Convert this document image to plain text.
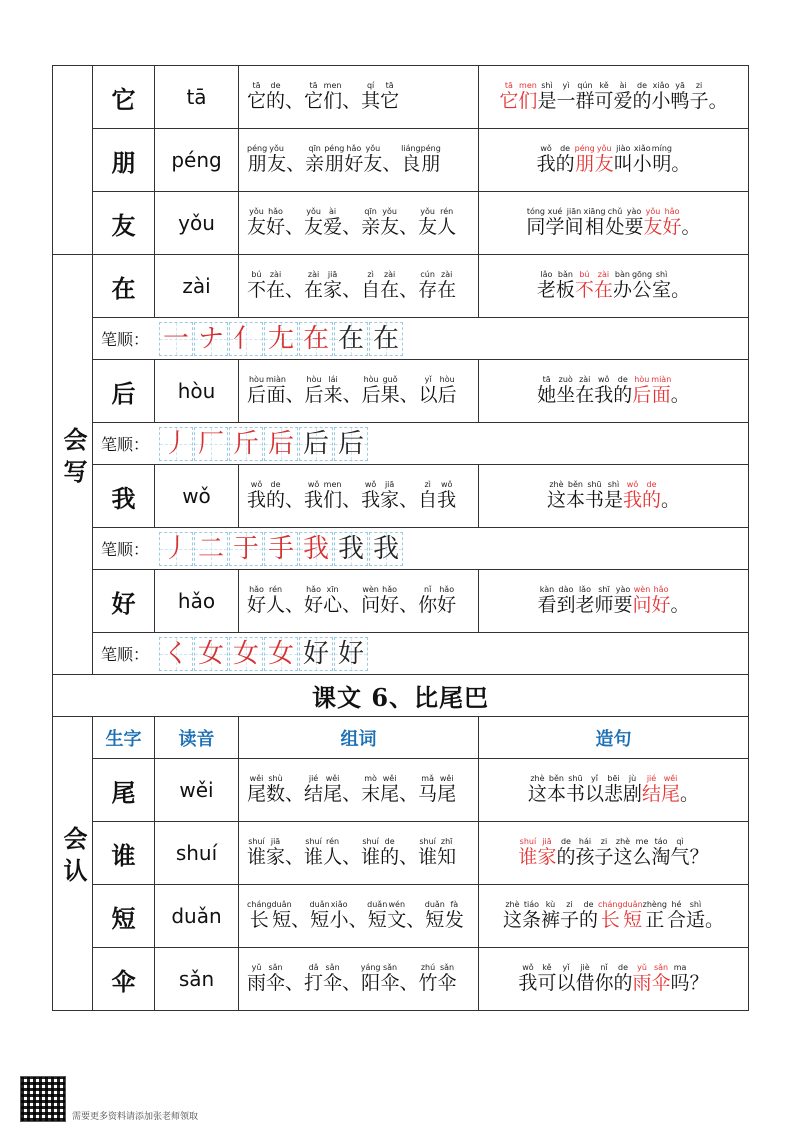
	它	tā	它tā的de、它tā们men、其qí它tā	它tā们men是shì一yì群qún可kě爱ài的de小xiǎo鸭yā子zi。
	朋	péng	朋péng友yǒu、亲qīn朋péng好hǎo友yǒu、良liáng朋péng	我wǒ的de朋péng友yǒu叫jiào小xiǎo明míng。
	友	yǒu	友yǒu好hǎo、友yǒu爱ài、亲qīn友yǒu、友yǒu人rén	同tóng学xué间jiān相xiāng处chǔ要yào友yǒu好hǎo。
会写	在	zài	不bú在zài、在zài家jiā、自zì在zài、存cún在zài	老lǎo板bǎn不bú在zài办bàn公gōng室shì。
	笔顺： 一 ナ 亻 尢 在 在 在			
	后	hòu	后hòu面miàn、后hòu来lái、后hòu果guǒ、以yǐ后hòu	她tā坐zuò在zài我wǒ的de后hòu面miàn。
	笔顺： 丿 厂 斤 后 后 后			
	我	wǒ	我wǒ的de、我wǒ们men、我wǒ家jiā、自zì我wǒ	这zhè本běn书shū是shì我wǒ的de。
	笔顺： 丿 二 于 手 我 我 我			
	好	hǎo	好hǎo人rén、好hǎo心xīn、问wèn好hǎo、你nǐ好hǎo	看kàn到dào老lǎo师shī要yào问wèn好hǎo。
	笔顺： く 女 女 女 好 好			
课文 6、比尾巴				
会认	生字	读音	组词	造句
	尾	wěi	尾wěi数shù、结jié尾wěi、末mò尾wěi、马mǎ尾wěi	这zhè本běn书shū以yǐ悲bēi剧jù结jié尾wěi。
	谁	shuí	谁shuí家jiā、谁shuí人rén、谁shuí的de、谁shuí知zhī	谁shuí家jiā的de孩hái子zi这zhè么me淘táo气qì？
	短	duǎn	长cháng短duǎn、短duǎn小xiǎo、短duǎn文wén、短duǎn发fà	这zhè条tiáo裤kù子zi的de长cháng短duǎn正zhèng合hé适shì。
	伞	sǎn	雨yǔ伞sǎn、打dǎ伞sǎn、阳yáng伞sǎn、竹zhú伞sǎn	我wǒ可kě以yǐ借jiè你nǐ的de雨yǔ伞sǎn吗ma？
需要更多资料请添加张老师领取
